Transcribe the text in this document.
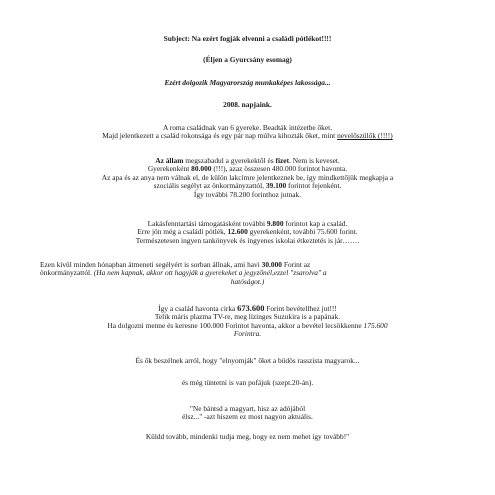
Subject: Na ezért fogják elvenni a családi pótlékot!!!!
(Éljen a Gyurcsány esomag)
Ezért dolgozik Magyarország munkaképes lakossága...
2008. napjaink.

A roma családnak van 6 gyereke. Beadták intézetbe őket.

Majd jelentkezett a család rokonsága és egy pár nap múlva kihozták őket, mint nevelőszülők (!!!!)

Az állam megszabadul a gyerekektől és fizet. Nem is keveset.

Gyerekenként 80.000 (!!!), azaz összesen 480.000 forintot havonta.

Az apa és az anya nem válnak el, de külön lakcímre jelentkeznek be, így mindkettőjük megkapja a

szociális segélyt az önkormányzattól, 39.100 forintot fejenként.

Így további 78.200 forinthoz jutnak.

Lakásfenntartási támogatásként további 9.800 forintot kap a család.

Erre jön még a családi pótlék, 12.600 gyerekenként, további 75.600 forint.

Természetesen ingyen tankönyvek és ingyenes iskolai étkeztetés is jár…….

Ezen kívül minden hónapban átmeneti segélyért is sorban állnak, ami havi 30.000 Forint az

önkormányzattól. (Ha nem kapnak, akkor ott hagyják a gyerekeket a jegyzőnél,ezzel "zsarolva" a

hatóságot.)

Így a család havonta cirka 673.600 Forint bevétellhez jut!!!

Telik máris plazma TV-re, meg lízinges Suzukira is a papának.

Ha dolgozni menne és keresne 100.000 Forintot havonta, akkor a bevétel lecsökkenne 175.600

Forintra.

És ők beszélnek arról, hogy "elnyomják" őket a büdös rasszista magyarok...
és még tüntetni is van pofájuk (szept.20-án).

"Ne bántsd a magyart, hisz az adójából

élsz..." -azt hiszem ez most nagyon aktuális.

Küldd tovább, mindenki tudja meg, hogy ez nem mehet így tovább!"
